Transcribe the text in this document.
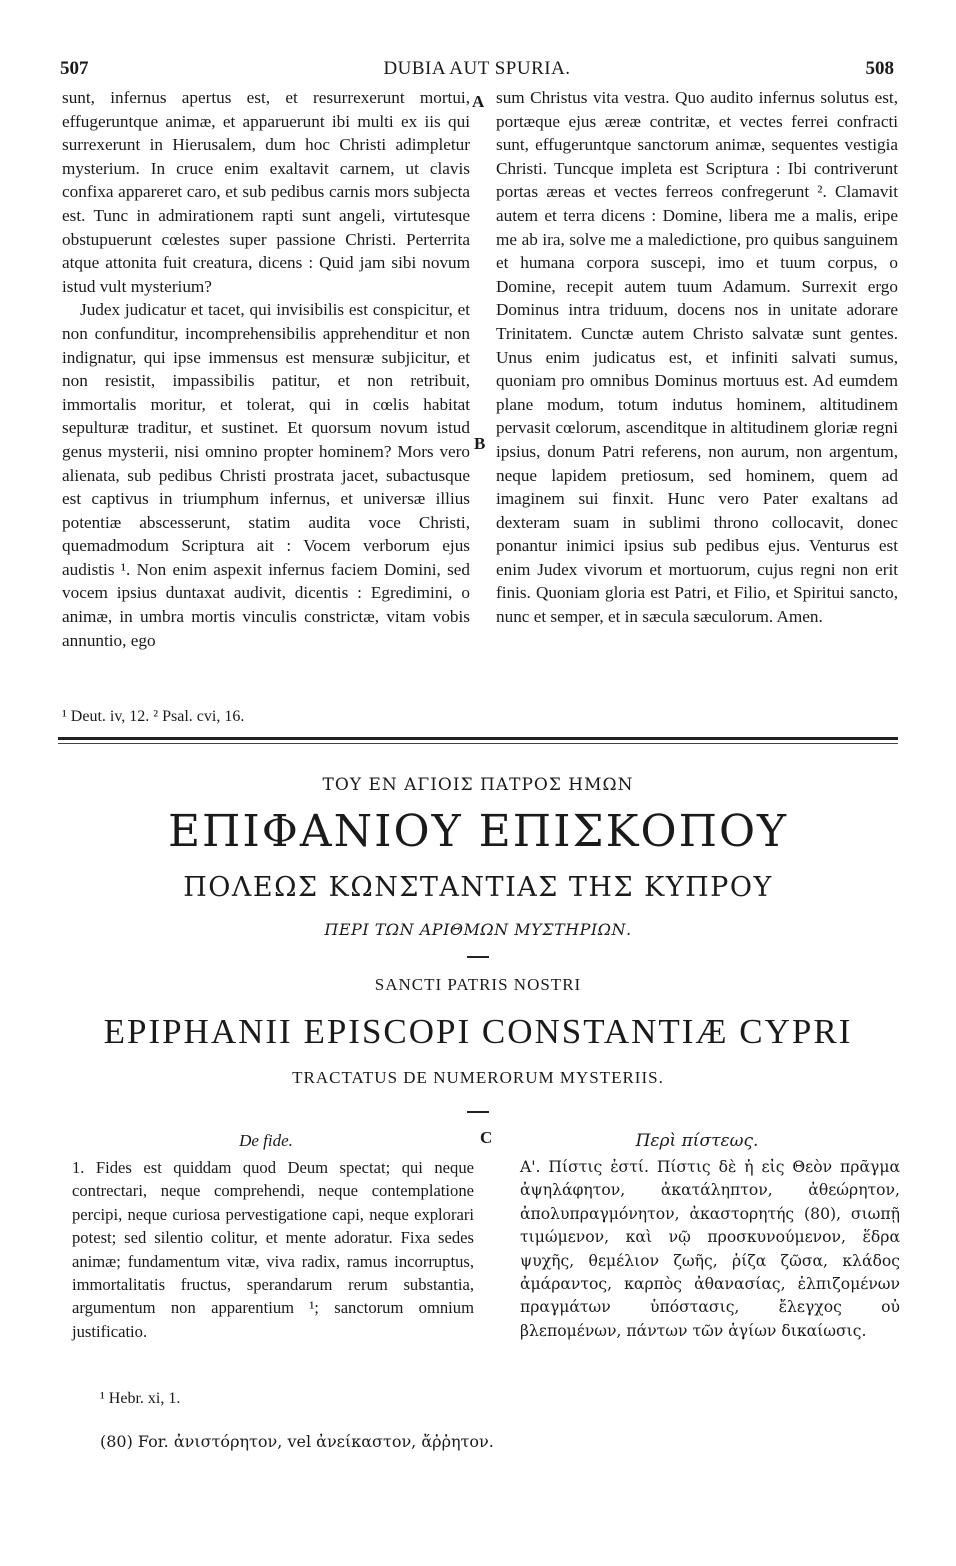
507	DUBIA AUT SPURIA.	508

sunt, infernus apertus est, et resurrexerunt mortui, effugeruntque animæ, et apparuerunt ibi multi ex iis qui surrexerunt in Hierusalem, dum hoc Christi adimpletur mysterium. In cruce enim exaltavit carnem, ut clavis confixa appareret caro, et sub pedibus carnis mors subjecta est. Tunc in admirationem rapti sunt angeli, virtutesque obstupuerunt cœlestes super passione Christi. Perterrita atque attonita fuit creatura, dicens : Quid jam sibi novum istud vult mysterium?

Judex judicatur et tacet, qui invisibilis est conspicitur, et non confunditur, incomprehensibilis apprehenditur et non indignatur, qui ipse immensus est mensuræ subjicitur, et non resistit, impassibilis patitur, et non retribuit, immortalis moritur, et tolerat, qui in cœlis habitat sepulturæ traditur, et sustinet. Et quorsum novum istud genus mysterii, nisi omnino propter hominem? Mors vero alienata, sub pedibus Christi prostrata jacet, subactusque est captivus in triumphum infernus, et universæ illius potentiæ abscesserunt, statim audita voce Christi, quemadmodum Scriptura ait : Vocem verborum ejus audistis ¹. Non enim aspexit infernus faciem Domini, sed vocem ipsius duntaxat audivit, dicentis : Egredimini, o animæ, in umbra mortis vinculis constrictæ, vitam vobis annuntio, ego

A
B

sum Christus vita vestra. Quo audito infernus solutus est, portæque ejus æreæ contritæ, et vectes ferrei confracti sunt, effugeruntque sanctorum animæ, sequentes vestigia Christi. Tuncque impleta est Scriptura : Ibi contriverunt portas æreas et vectes ferreos confregerunt ². Clamavit autem et terra dicens : Domine, libera me a malis, eripe me ab ira, solve me a maledictione, pro quibus sanguinem et humana corpora suscepi, imo et tuum corpus, o Domine, recepit autem tuum Adamum. Surrexit ergo Dominus intra triduum, docens nos in unitate adorare Trinitatem. Cunctæ autem Christo salvatæ sunt gentes. Unus enim judicatus est, et infiniti salvati sumus, quoniam pro omnibus Dominus mortuus est. Ad eumdem plane modum, totum indutus hominem, altitudinem pervasit cœlorum, ascenditque in altitudinem gloriæ regni ipsius, donum Patri referens, non aurum, non argentum, neque lapidem pretiosum, sed hominem, quem ad imaginem sui finxit. Hunc vero Pater exaltans ad dexteram suam in sublimi throno collocavit, donec ponantur inimici ipsius sub pedibus ejus. Venturus est enim Judex vivorum et mortuorum, cujus regni non erit finis. Quoniam gloria est Patri, et Filio, et Spiritui sancto, nunc et semper, et in sæcula sæculorum. Amen.

¹ Deut. iv, 12. ² Psal. cvi, 16.
ΤΟΥ ΕΝ ΑΓΙΟΙΣ ΠΑΤΡΟΣ ΗΜΩΝ
ΕΠΙΦΑΝΙΟΥ ΕΠΙΣΚΟΠΟΥ
ΠΟΛΕΩΣ ΚΩΝΣΤΑΝΤΙΑΣ ΤΗΣ ΚΥΠΡΟΥ
ΠΕΡΙ ΤΩΝ ΑΡΙΘΜΩΝ ΜΥΣΤΗΡΙΩΝ.
SANCTI PATRIS NOSTRI
EPIPHANII EPISCOPI CONSTANTIÆ CYPRI
TRACTATUS DE NUMERORUM MYSTERIIS.
De fide.	C	Περὶ πίστεως.

1. Fides est quiddam quod Deum spectat; qui neque contrectari, neque comprehendi, neque contemplatione percipi, neque curiosa pervestigatione capi, neque explorari potest; sed silentio colitur, et mente adoratur. Fixa sedes animæ; fundamentum vitæ, viva radix, ramus incorruptus, immortalitatis fructus, sperandarum rerum substantia, argumentum non apparentium ¹; sanctorum omnium justificatio.

Α'. Πίστις ἐστί. Πίστις δὲ ἡ εἰς Θεὸν πρᾶγμα ἀψηλάφητον, ἀκατάληπτον, ἀθεώρητον, ἀπολυπραγμόνητον, ἀκαστορητής (80), σιωπῇ τιμώμενον, καὶ νῷ προσκυνούμενον, ἕδρα ψυχῆς, θεμέλιον ζωῆς, ῥίζα ζῶσα, κλάδος ἀμάραντος, καρπὸς ἀθανασίας, ἐλπιζομένων πραγμάτων ὑπόστασις, ἔλεγχος οὐ βλεπομένων, πάντων τῶν ἁγίων δικαίωσις.

¹ Hebr. xi, 1.
(80) For. ἀνιστόρητον, vel ἀνείκαστον, ἄῤῥητον.
